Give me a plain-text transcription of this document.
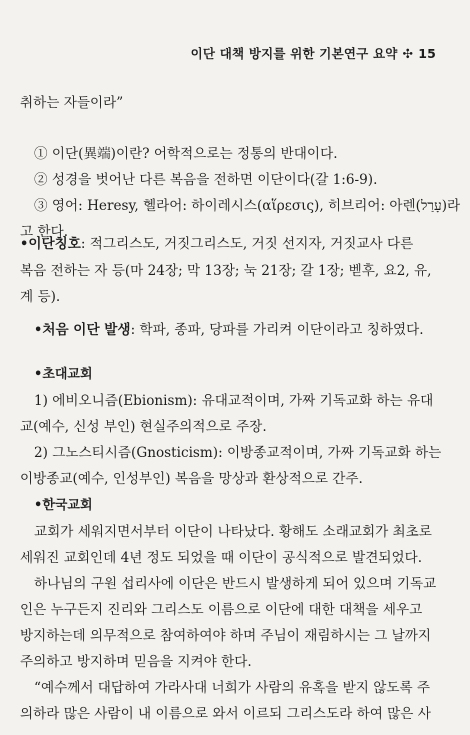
이단 대책 방지를 위한 기본연구 요약 ✣ 15
취하는 자들이라”
① 이단(異端)이란? 어학적으로는 정통의 반대이다.
② 성경을 벗어난 다른 복음을 전하면 이단이다(갈 1:6-9).
③ 영어: Heresy, 헬라어: 하이레시스(αἵρεσις), 히브리어: 아렌(עָרַל)라
고 한다.
•이단칭호: 적그리스도, 거짓그리스도, 거짓 선지자, 거짓교사 다른
복음 전하는 자 등(마 24장; 막 13장; 눅 21장; 갈 1장; 벧후, 요2, 유,
계 등).
•처음 이단 발생: 학파, 종파, 당파를 가리켜 이단이라고 칭하였다.
•초대교회
1) 에비오니즘(Ebionism): 유대교적이며, 가짜 기독교화 하는 유대
교(예수, 신성 부인) 현실주의적으로 주장.
2) 그노스티시즘(Gnosticism): 이방종교적이며, 가짜 기독교화 하는
이방종교(예수, 인성부인) 복음을 망상과 환상적으로 간주.
•한국교회
교회가 세워지면서부터 이단이 나타났다. 황해도 소래교회가 최초로
세워진 교회인데 4년 정도 되었을 때 이단이 공식적으로 발견되었다.
하나님의 구원 섭리사에 이단은 반드시 발생하게 되어 있으며 기독교
인은 누구든지 진리와 그리스도 이름으로 이단에 대한 대책을 세우고
방지하는데 의무적으로 참여하여야 하며 주님이 재림하시는 그 날까지
주의하고 방지하며 믿음을 지켜야 한다.
“예수께서 대답하여 가라사대 너희가 사람의 유혹을 받지 않도록 주
의하라 많은 사람이 내 이름으로 와서 이르되 그리스도라 하여 많은 사
